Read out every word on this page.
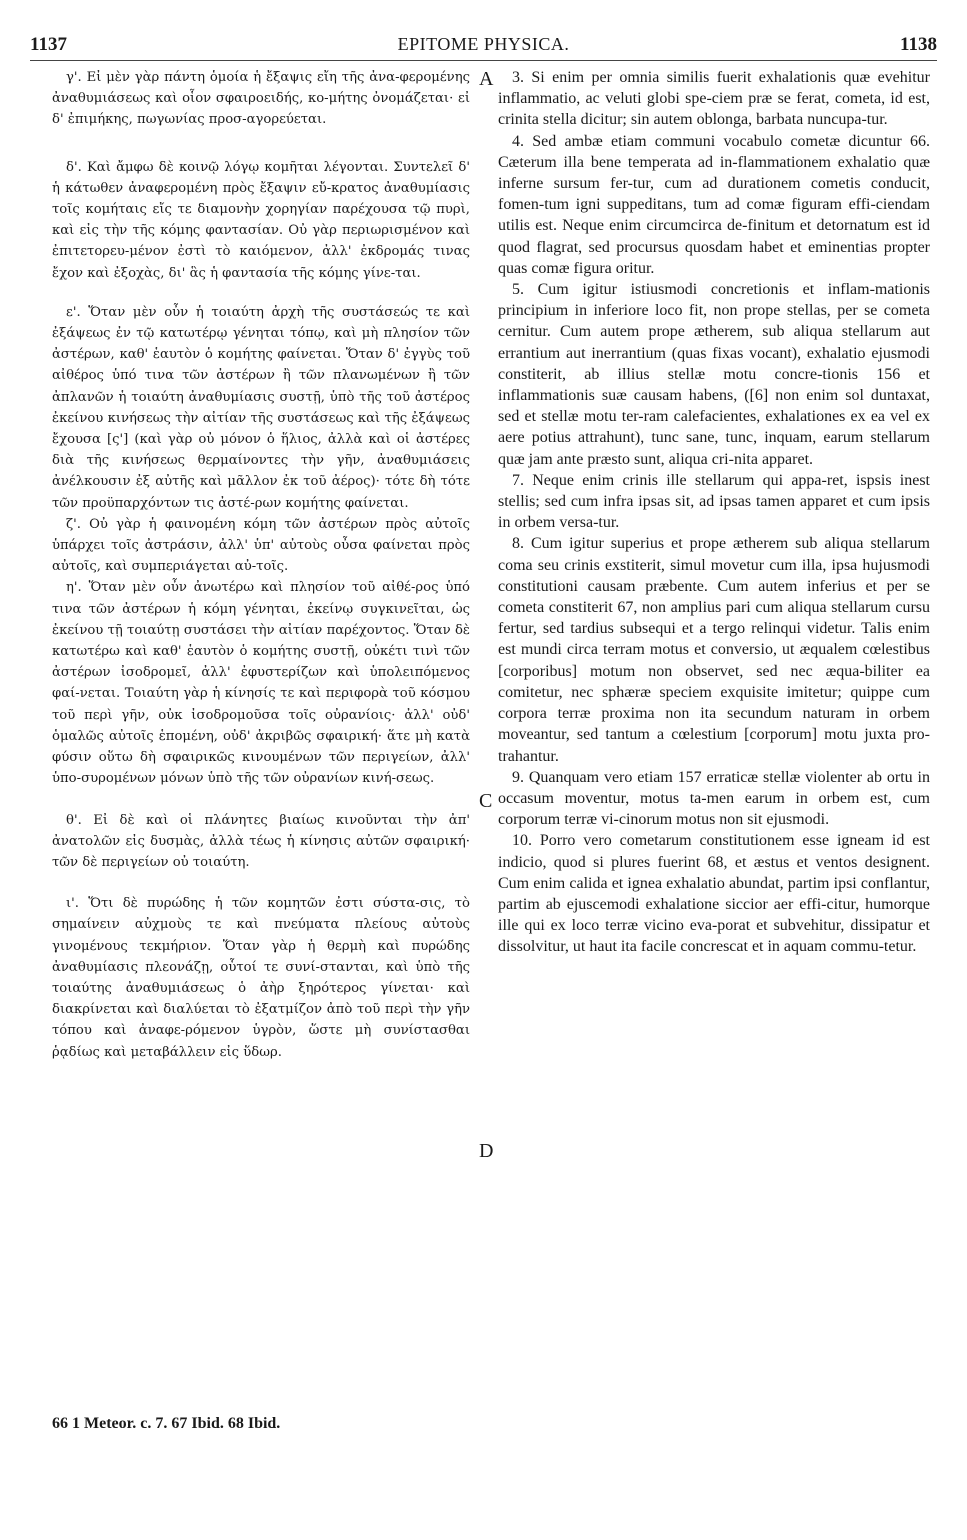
1137	EPITOME PHYSICA.	1138
A
C
D

γ'. Εἰ μὲν γὰρ πάντη ὁμοία ἡ ἔξαψις εἴη τῆς ἀνα-φερομένης ἀναθυμιάσεως καὶ οἷον σφαιροειδής, κο-μήτης ὀνομάζεται· εἰ δ' ἐπιμήκης, πωγωνίας προσ-αγορεύεται.

δ'. Καὶ ἄμφω δὲ κοινῷ λόγῳ κομῆται λέγονται. Συντελεῖ δ' ἡ κάτωθεν ἀναφερομένη πρὸς ἔξαψιν εὔ-κρατος ἀναθυμίασις τοῖς κομήταις εἴς τε διαμονὴν χορηγίαν παρέχουσα τῷ πυρὶ, καὶ εἰς τὴν τῆς κόμης φαντασίαν. Οὐ γὰρ περιωρισμένον καὶ ἐπιτετορευ-μένον ἐστὶ τὸ καιόμενον, ἀλλ' ἐκδρομάς τινας ἔχον καὶ ἐξοχὰς, δι' ἃς ἡ φαντασία τῆς κόμης γίνε-ται.

ε'. Ὅταν μὲν οὖν ἡ τοιαύτη ἀρχὴ τῆς συστάσεώς τε καὶ ἐξάψεως ἐν τῷ κατωτέρῳ γένηται τόπῳ, καὶ μὴ πλησίον τῶν ἀστέρων, καθ' ἑαυτὸν ὁ κομήτης φαίνεται. Ὅταν δ' ἐγγὺς τοῦ αἰθέρος ὑπό τινα τῶν ἀστέρων ἢ τῶν πλανωμένων ἢ τῶν ἀπλανῶν ἡ τοιαύτη ἀναθυμίασις συστῇ, ὑπὸ τῆς τοῦ ἀστέρος ἐκείνου κινήσεως τὴν αἰτίαν τῆς συστάσεως καὶ τῆς ἐξάψεως ἔχουσα [ς'] (καὶ γὰρ οὐ μόνον ὁ ἥλιος, ἀλλὰ καὶ οἱ ἀστέρες διὰ τῆς κινήσεως θερμαίνοντες τὴν γῆν, ἀναθυμιάσεις ἀνέλκουσιν ἐξ αὐτῆς καὶ μᾶλλον ἐκ τοῦ ἀέρος)· τότε δὴ τότε τῶν προϋπαρχόντων τις ἀστέ-ρων κομήτης φαίνεται.

ζ'. Οὐ γὰρ ἡ φαινομένη κόμη τῶν ἀστέρων πρὸς αὐτοῖς ὑπάρχει τοῖς ἀστράσιν, ἀλλ' ὑπ' αὐτοὺς οὖσα φαίνεται πρὸς αὐτοῖς, καὶ συμπεριάγεται αὐ-τοῖς.

η'. Ὅταν μὲν οὖν ἀνωτέρω καὶ πλησίον τοῦ αἰθέ-ρος ὑπό τινα τῶν ἀστέρων ἡ κόμη γένηται, ἐκείνῳ συγκινεῖται, ὡς ἐκείνου τῇ τοιαύτῃ συστάσει τὴν αἰτίαν παρέχοντος. Ὅταν δὲ κατωτέρω καὶ καθ' ἑαυτὸν ὁ κομήτης συστῇ, οὐκέτι τινὶ τῶν ἀστέρων ἰσοδρομεῖ, ἀλλ' ἐφυστερίζων καὶ ὑπολειπόμενος φαί-νεται. Τοιαύτη γὰρ ἡ κίνησίς τε καὶ περιφορὰ τοῦ κόσμου τοῦ περὶ γῆν, οὐκ ἰσοδρομοῦσα τοῖς οὐρανίοις· ἀλλ' οὐδ' ὁμαλῶς αὐτοῖς ἑπομένη, οὐδ' ἀκριβῶς σφαιρική· ἅτε μὴ κατὰ φύσιν οὕτω δὴ σφαιρικῶς κινουμένων τῶν περιγείων, ἀλλ' ὑπο-συρομένων μόνων ὑπὸ τῆς τῶν οὐρανίων κινή-σεως.

θ'. Εἰ δὲ καὶ οἱ πλάνητες βιαίως κινοῦνται τὴν ἀπ' ἀνατολῶν εἰς δυσμὰς, ἀλλὰ τέως ἡ κίνησις αὐτῶν σφαιρική· τῶν δὲ περιγείων οὐ τοιαύτη.

ι'. Ὅτι δὲ πυρώδης ἡ τῶν κομητῶν ἐστι σύστα-σις, τὸ σημαίνειν αὐχμοὺς τε καὶ πνεύματα πλείους αὐτοὺς γινομένους τεκμήριον. Ὅταν γὰρ ἡ θερμὴ καὶ πυρώδης ἀναθυμίασις πλεονάζῃ, οὗτοί τε συνί-στανται, καὶ ὑπὸ τῆς τοιαύτης ἀναθυμιάσεως ὁ ἀὴρ ξηρότερος γίνεται· καὶ διακρίνεται καὶ διαλύεται τὸ ἐξατμίζον ἀπὸ τοῦ περὶ τὴν γῆν τόπου καὶ ἀναφε-ρόμενον ὑγρὸν, ὥστε μὴ συνίστασθαι ῥᾳδίως καὶ μεταβάλλειν εἰς ὕδωρ.

3. Si enim per omnia similis fuerit exhalationis quæ evehitur inflammatio, ac veluti globi spe-ciem præ se ferat, cometa, id est, crinita stella dicitur; sin autem oblonga, barbata nuncupa-tur.

4. Sed ambæ etiam communi vocabulo cometæ dicuntur 66. Cæterum illa bene temperata ad in-flammationem exhalatio quæ inferne sursum fer-tur, cum ad durationem cometis conducit, fomen-tum igni suppeditans, tum ad comæ figuram effi-ciendam utilis est. Neque enim circumcirca de-finitum et detornatum est id quod flagrat, sed procursus quosdam habet et eminentias propter quas comæ figura oritur.

5. Cum igitur istiusmodi concretionis et inflam-mationis principium in inferiore loco fit, non prope stellas, per se cometa cernitur. Cum autem prope ætherem, sub aliqua stellarum aut errantium aut inerrantium (quas fixas vocant), exhalatio ejusmodi constiterit, ab illius stellæ motu concre-tionis 156 et inflammationis suæ causam habens, ([6] non enim sol duntaxat, sed et stellæ motu ter-ram calefacientes, exhalationes ex ea vel ex aere potius attrahunt), tunc sane, tunc, inquam, earum stellarum quæ jam ante præsto sunt, aliqua cri-nita apparet.

7. Neque enim crinis ille stellarum qui appa-ret, ispsis inest stellis; sed cum infra ipsas sit, ad ipsas tamen apparet et cum ipsis in orbem versa-tur.

8. Cum igitur superius et prope ætherem sub aliqua stellarum coma seu crinis exstiterit, simul movetur cum illa, ipsa hujusmodi constitutioni causam præbente. Cum autem inferius et per se cometa constiterit 67, non amplius pari cum aliqua stellarum cursu fertur, sed tardius subsequi et a tergo relinqui videtur. Talis enim est mundi circa terram motus et conversio, ut æqualem cœlestibus [corporibus] motum non observet, sed nec æqua-biliter ea comitetur, nec sphæræ speciem exquisite imitetur; quippe cum corpora terræ proxima non ita secundum naturam in orbem moveantur, sed tantum a cœlestium [corporum] motu juxta pro-trahantur.

9. Quanquam vero etiam 157 erraticæ stellæ violenter ab ortu in occasum moventur, motus ta-men earum in orbem est, cum corporum terræ vi-cinorum motus non sit ejusmodi.

10. Porro vero cometarum constitutionem esse igneam id est indicio, quod si plures fuerint 68, et æstus et ventos designent. Cum enim calida et ignea exhalatio abundat, partim ipsi conflantur, partim ab ejuscemodi exhalatione siccior aer effi-citur, humorque ille qui ex loco terræ vicino eva-porat et subvehitur, dissipatur et dissolvitur, ut haut ita facile concrescat et in aquam commu-tetur.

66 1 Meteor. c. 7. 67 Ibid. 68 Ibid.
